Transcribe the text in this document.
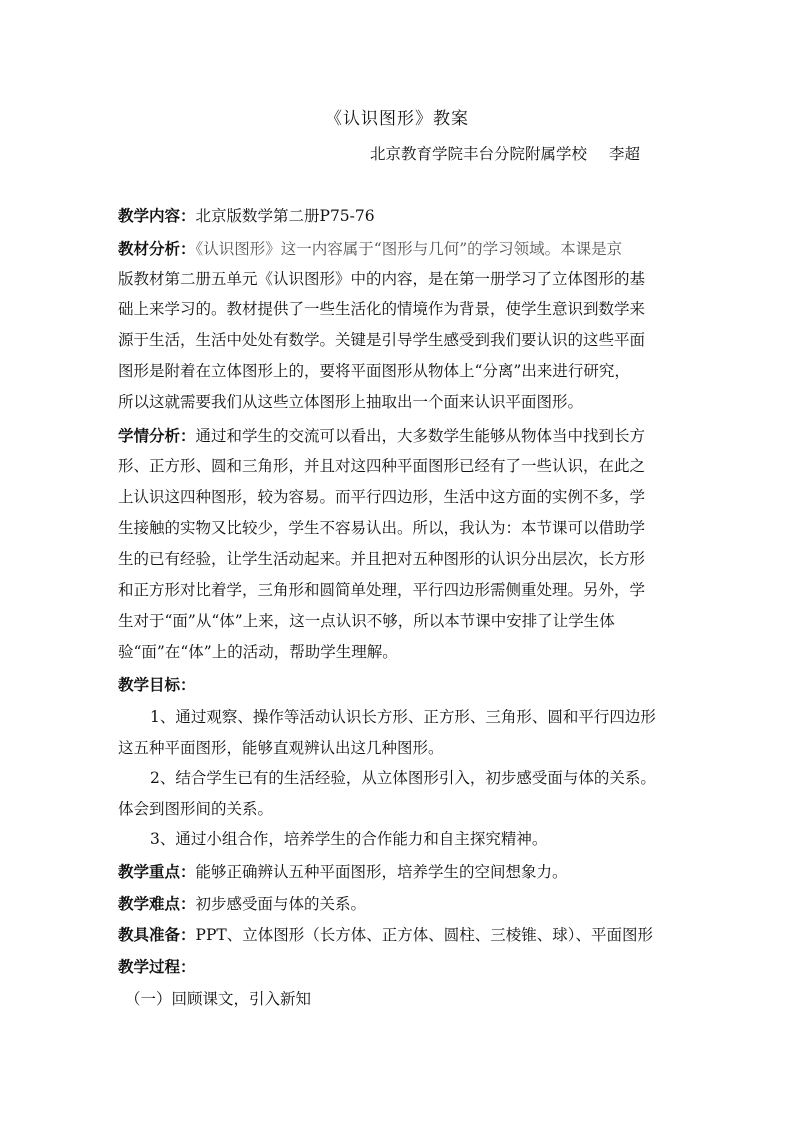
《认识图形》教案
北京教育学院丰台分院附属学校 李超
教学内容：北京版数学第二册P75-76
教材分析：《认识图形》这一内容属于“图形与几何”的学习领域。本课是京
版教材第二册五单元《认识图形》中的内容，是在第一册学习了立体图形的基
础上来学习的。教材提供了一些生活化的情境作为背景，使学生意识到数学来
源于生活，生活中处处有数学。关键是引导学生感受到我们要认识的这些平面
图形是附着在立体图形上的，要将平面图形从物体上“分离”出来进行研究，
所以这就需要我们从这些立体图形上抽取出一个面来认识平面图形。
学情分析：通过和学生的交流可以看出，大多数学生能够从物体当中找到长方
形、正方形、圆和三角形，并且对这四种平面图形已经有了一些认识，在此之
上认识这四种图形，较为容易。而平行四边形，生活中这方面的实例不多，学
生接触的实物又比较少，学生不容易认出。所以，我认为：本节课可以借助学
生的已有经验，让学生活动起来。并且把对五种图形的认识分出层次，长方形
和正方形对比着学，三角形和圆简单处理，平行四边形需侧重处理。另外，学
生对于“面”从“体”上来，这一点认识不够，所以本节课中安排了让学生体
验“面”在“体”上的活动，帮助学生理解。
教学目标：
1、通过观察、操作等活动认识长方形、正方形、三角形、圆和平行四边形
这五种平面图形，能够直观辨认出这几种图形。
2、结合学生已有的生活经验，从立体图形引入，初步感受面与体的关系。
体会到图形间的关系。
3、通过小组合作，培养学生的合作能力和自主探究精神。
教学重点：能够正确辨认五种平面图形，培养学生的空间想象力。
教学难点：初步感受面与体的关系。
教具准备：PPT、立体图形（长方体、正方体、圆柱、三棱锥、球）、平面图形
教学过程：
（一）回顾课文，引入新知
